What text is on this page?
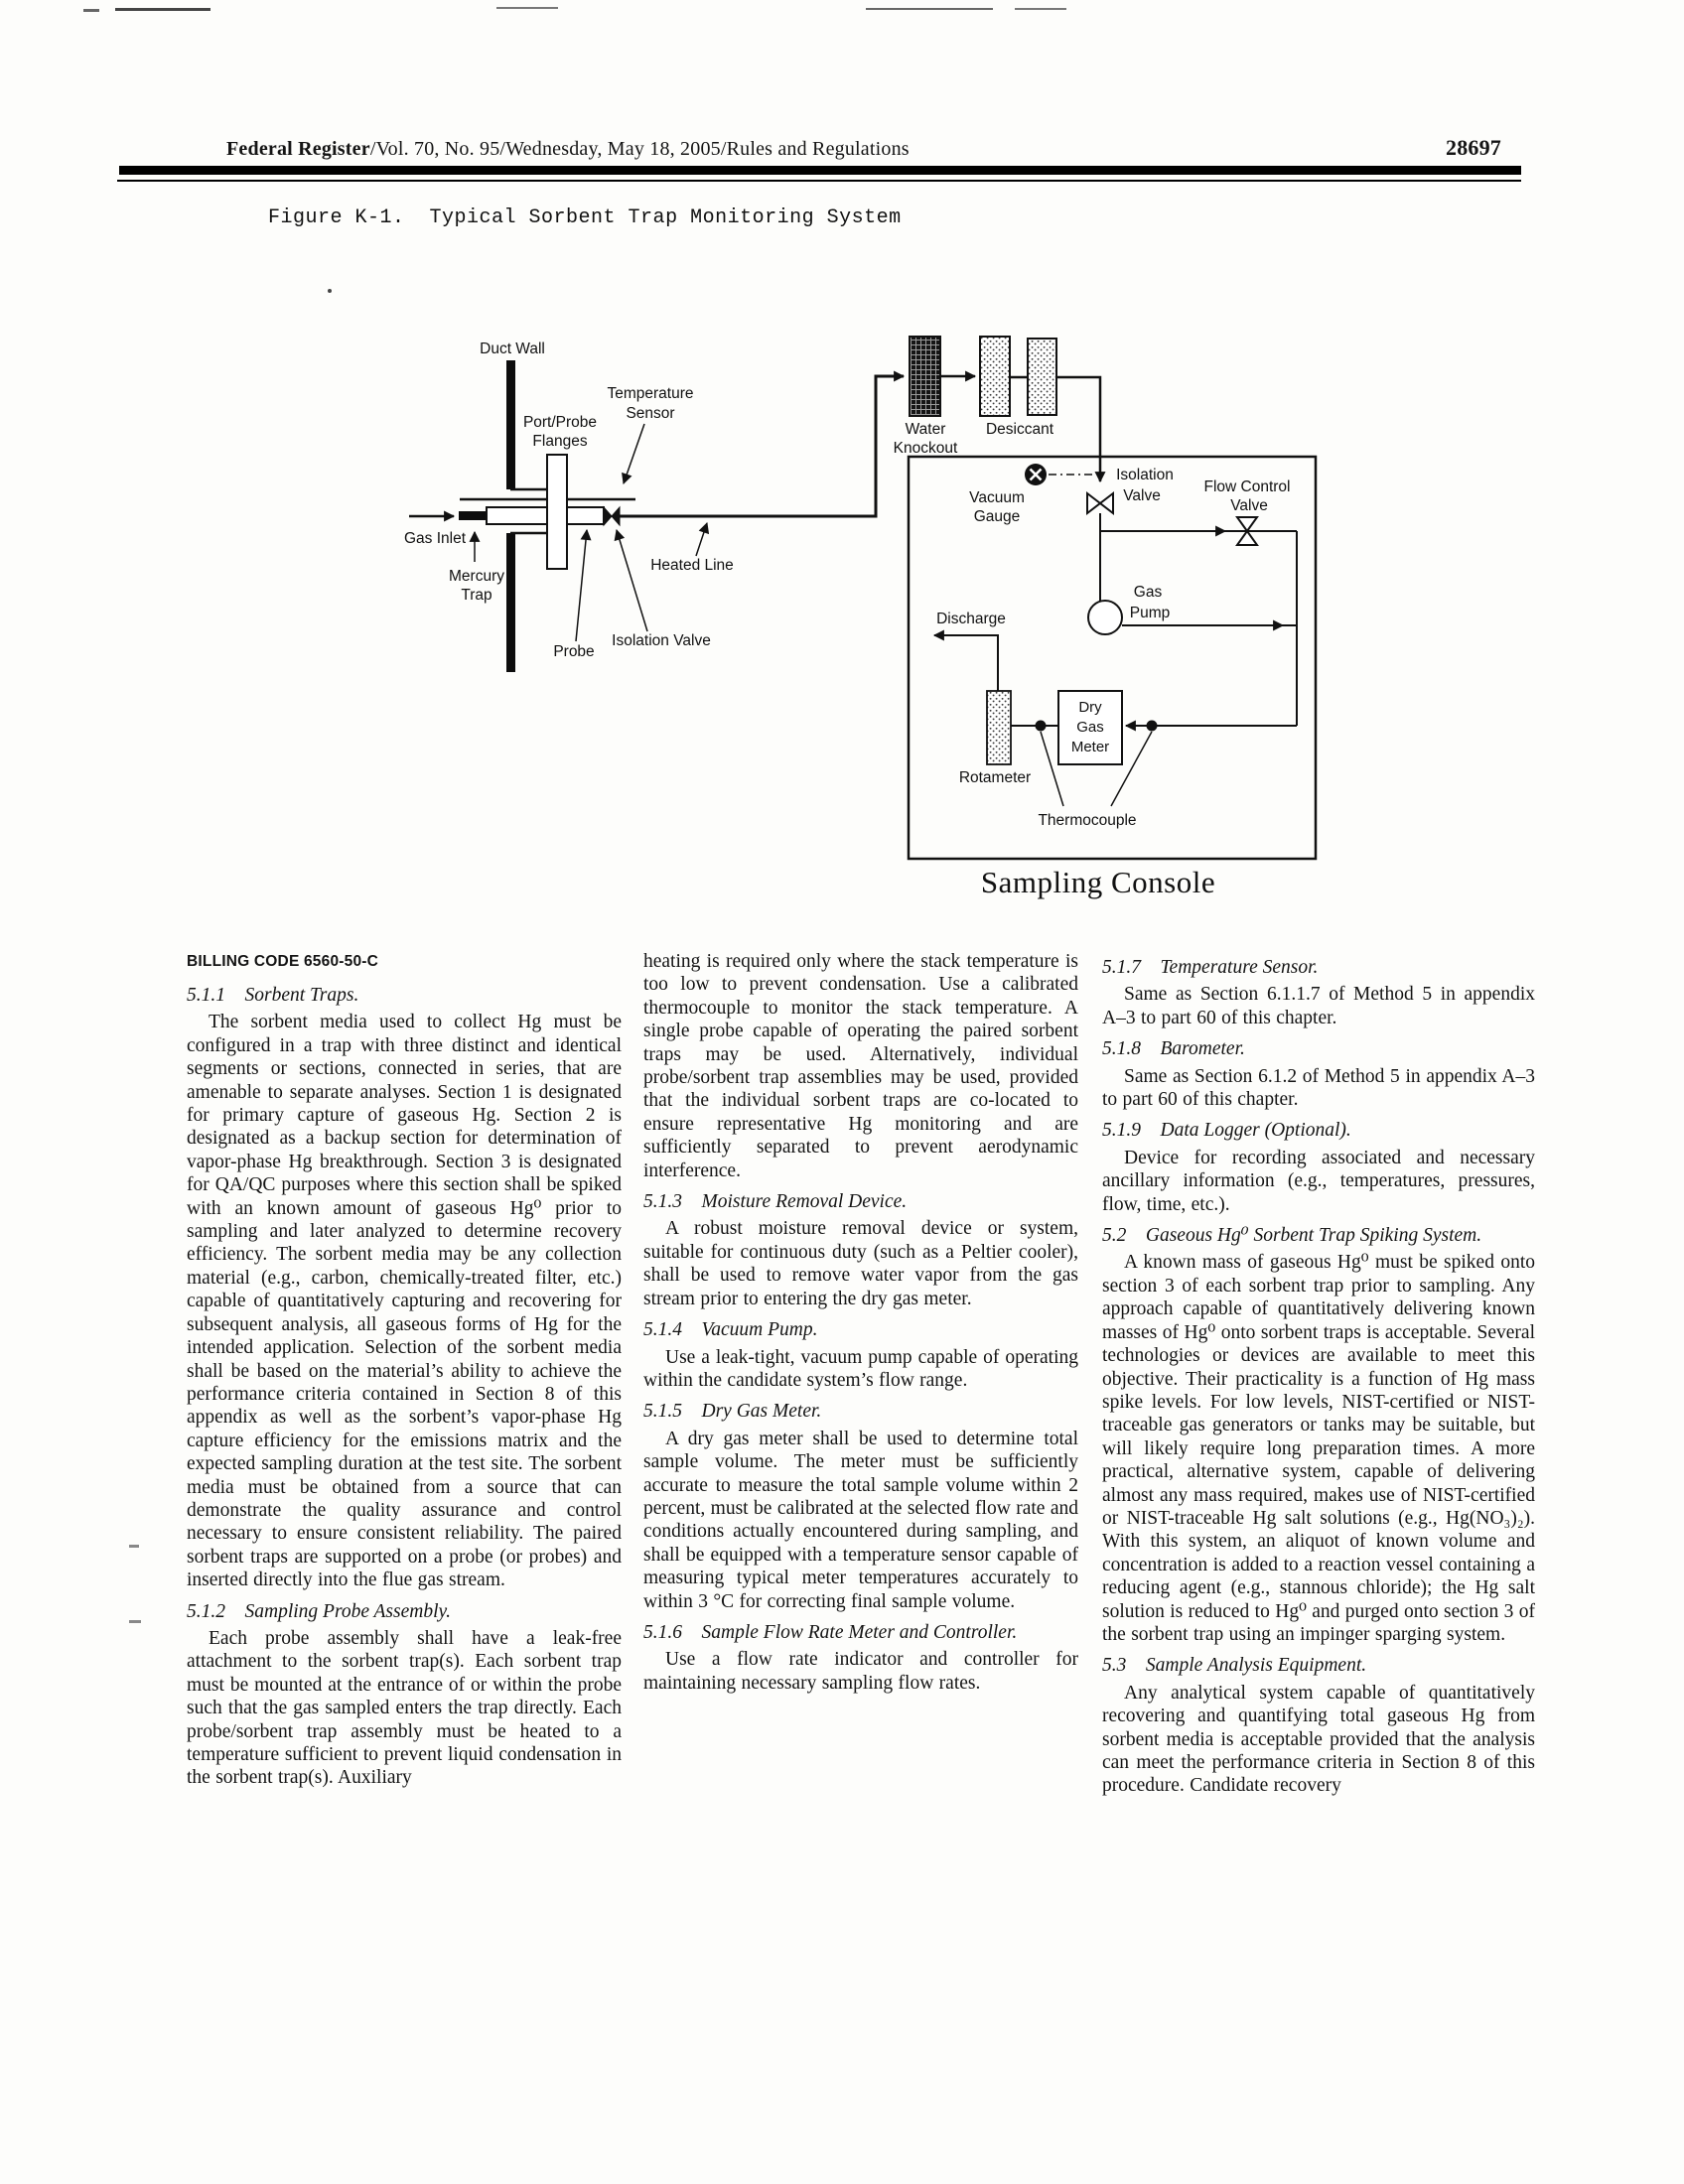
Federal Register/Vol. 70, No. 95/Wednesday, May 18, 2005/Rules and Regulations	28697
Figure K-1.  Typical Sorbent Trap Monitoring System
Duct Wall
Gas Inlet
Port/Probe
Flanges
Temperature
Sensor
Mercury
Trap
Probe
Isolation Valve
Heated Line
Water
Knockout
Desiccant
Vacuum
Gauge
Isolation
Valve
Flow Control
Valve
Gas
Pump
Dry
Gas
Meter
Thermocouple
Rotameter
Discharge
Sampling Console

BILLING CODE 6560-50-C

5.1.1 Sorbent Traps.

The sorbent media used to collect Hg must be configured in a trap with three distinct and identical segments or sections, connected in series, that are amenable to separate analyses. Section 1 is designated for primary capture of gaseous Hg. Section 2 is designated as a backup section for determination of vapor-phase Hg breakthrough. Section 3 is designated for QA/QC purposes where this section shall be spiked with an known amount of gaseous Hg⁰ prior to sampling and later analyzed to determine recovery efficiency. The sorbent media may be any collection material (e.g., carbon, chemically-treated filter, etc.) capable of quantitatively capturing and recovering for subsequent analysis, all gaseous forms of Hg for the intended application. Selection of the sorbent media shall be based on the material’s ability to achieve the performance criteria contained in Section 8 of this appendix as well as the sorbent’s vapor-phase Hg capture efficiency for the emissions matrix and the expected sampling duration at the test site. The sorbent media must be obtained from a source that can demonstrate the quality assurance and control necessary to ensure consistent reliability. The paired sorbent traps are supported on a probe (or probes) and inserted directly into the flue gas stream.

5.1.2 Sampling Probe Assembly.

Each probe assembly shall have a leak-free attachment to the sorbent trap(s). Each sorbent trap must be mounted at the entrance of or within the probe such that the gas sampled enters the trap directly. Each probe/sorbent trap assembly must be heated to a temperature sufficient to prevent liquid condensation in the sorbent trap(s). Auxiliary

heating is required only where the stack temperature is too low to prevent condensation. Use a calibrated thermocouple to monitor the stack temperature. A single probe capable of operating the paired sorbent traps may be used. Alternatively, individual probe/sorbent trap assemblies may be used, provided that the individual sorbent traps are co-located to ensure representative Hg monitoring and are sufficiently separated to prevent aerodynamic interference.

5.1.3 Moisture Removal Device.

A robust moisture removal device or system, suitable for continuous duty (such as a Peltier cooler), shall be used to remove water vapor from the gas stream prior to entering the dry gas meter.

5.1.4 Vacuum Pump.

Use a leak-tight, vacuum pump capable of operating within the candidate system’s flow range.

5.1.5 Dry Gas Meter.

A dry gas meter shall be used to determine total sample volume. The meter must be sufficiently accurate to measure the total sample volume within 2 percent, must be calibrated at the selected flow rate and conditions actually encountered during sampling, and shall be equipped with a temperature sensor capable of measuring typical meter temperatures accurately to within 3 °C for correcting final sample volume.

5.1.6 Sample Flow Rate Meter and Controller.

Use a flow rate indicator and controller for maintaining necessary sampling flow rates.

5.1.7 Temperature Sensor.

Same as Section 6.1.1.7 of Method 5 in appendix A–3 to part 60 of this chapter.

5.1.8 Barometer.

Same as Section 6.1.2 of Method 5 in appendix A–3 to part 60 of this chapter.

5.1.9 Data Logger (Optional).

Device for recording associated and necessary ancillary information (e.g., temperatures, pressures, flow, time, etc.).

5.2 Gaseous Hg⁰ Sorbent Trap Spiking System.

A known mass of gaseous Hg⁰ must be spiked onto section 3 of each sorbent trap prior to sampling. Any approach capable of quantitatively delivering known masses of Hg⁰ onto sorbent traps is acceptable. Several technologies or devices are available to meet this objective. Their practicality is a function of Hg mass spike levels. For low levels, NIST-certified or NIST-traceable gas generators or tanks may be suitable, but will likely require long preparation times. A more practical, alternative system, capable of delivering almost any mass required, makes use of NIST-certified or NIST-traceable Hg salt solutions (e.g., Hg(NO₃)₂). With this system, an aliquot of known volume and concentration is added to a reaction vessel containing a reducing agent (e.g., stannous chloride); the Hg salt solution is reduced to Hg⁰ and purged onto section 3 of the sorbent trap using an impinger sparging system.

5.3 Sample Analysis Equipment.

Any analytical system capable of quantitatively recovering and quantifying total gaseous Hg from sorbent media is acceptable provided that the analysis can meet the performance criteria in Section 8 of this procedure. Candidate recovery
